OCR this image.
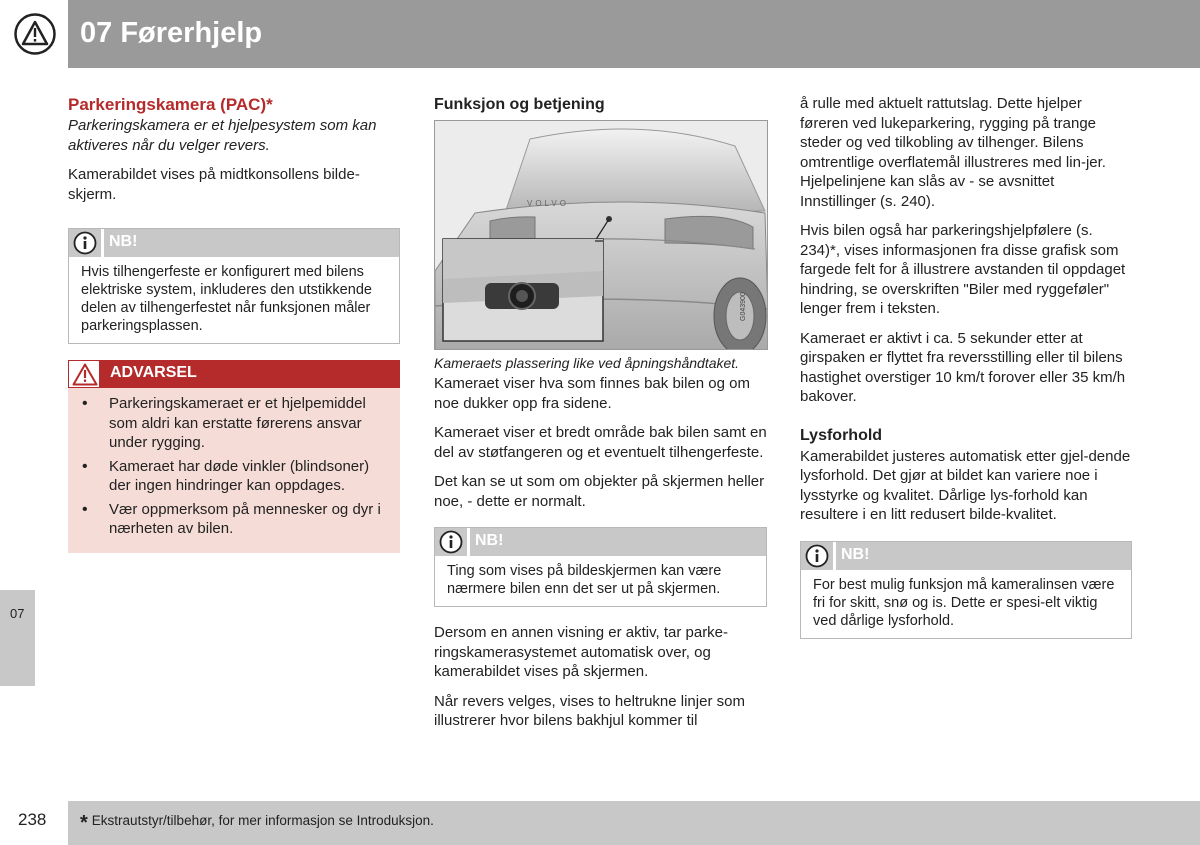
07 Førerhjelp
07
Parkeringskamera (PAC)*

Parkeringskamera er et hjelpesystem som kan aktiveres når du velger revers.

Kamerabildet vises på midtkonsollens bilde-skjerm.

NB!

Hvis tilhengerfeste er konfigurert med bilens elektriske system, inkluderes den utstikkende delen av tilhengerfestet når funksjonen måler parkeringsplassen.

ADVARSEL
• Parkeringskameraet er et hjelpemiddel som aldri kan erstatte førerens ansvar under rygging.
• Kameraet har døde vinkler (blindsoner) der ingen hindringer kan oppdages.
• Vær oppmerksom på mennesker og dyr i nærheten av bilen.
Funksjon og betjening
VOLVO
G043900

Kameraets plassering like ved åpningshåndtaket.

Kameraet viser hva som finnes bak bilen og om noe dukker opp fra sidene.

Kameraet viser et bredt område bak bilen samt en del av støtfangeren og et eventuelt tilhengerfeste.

Det kan se ut som om objekter på skjermen heller noe, - dette er normalt.

NB!

Ting som vises på bildeskjermen kan være nærmere bilen enn det ser ut på skjermen.

Dersom en annen visning er aktiv, tar parke-ringskamerasystemet automatisk over, og kamerabildet vises på skjermen.

Når revers velges, vises to heltrukne linjer som illustrerer hvor bilens bakhjul kommer til

å rulle med aktuelt rattutslag. Dette hjelper føreren ved lukeparkering, rygging på trange steder og ved tilkobling av tilhenger. Bilens omtrentlige overflatemål illustreres med lin-jer. Hjelpelinjene kan slås av - se avsnittet Innstillinger (s. 240).

Hvis bilen også har parkeringshjelpfølere (s. 234)*, vises informasjonen fra disse grafisk som fargede felt for å illustrere avstanden til oppdaget hindring, se overskriften "Biler med ryggeføler" lenger frem i teksten.

Kameraet er aktivt i ca. 5 sekunder etter at girspaken er flyttet fra reversstilling eller til bilens hastighet overstiger 10 km/t forover eller 35 km/h bakover.

Lysforhold

Kamerabildet justeres automatisk etter gjel-dende lysforhold. Det gjør at bildet kan variere noe i lysstyrke og kvalitet. Dårlige lys-forhold kan resultere i en litt redusert bilde-kvalitet.

NB!

For best mulig funksjon må kameralinsen være fri for skitt, snø og is. Dette er spesi-elt viktig ved dårlige lysforhold.

238 * Ekstrautstyr/tilbehør, for mer informasjon se Introduksjon.
